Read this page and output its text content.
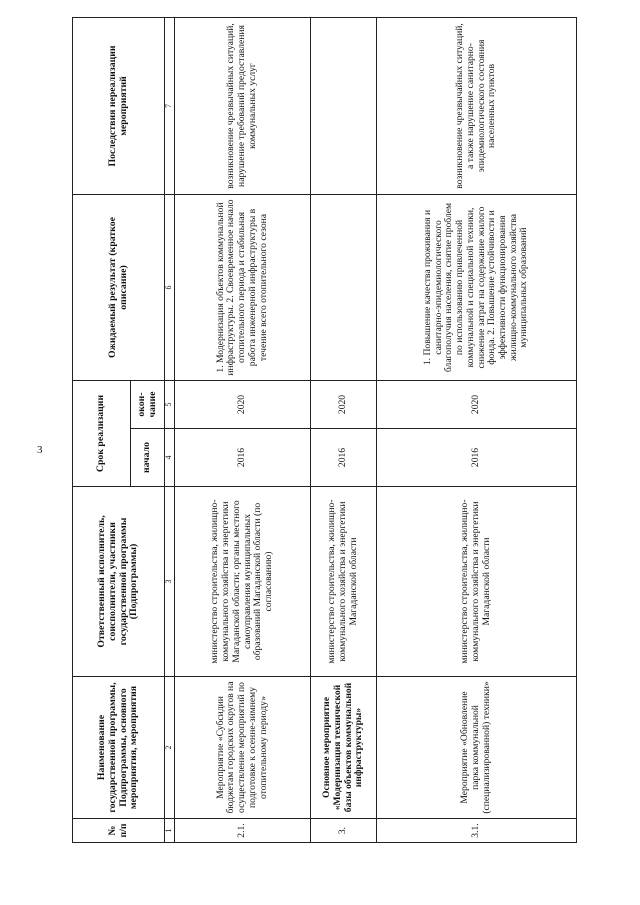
3
№ п/п	Наименование государственной программы, Подпрограммы, основного мероприятия, мероприятия	Ответственный исполнитель, соисполнители, участники государственной программы (Подпрограммы)	Срок реализации		Ожидаемый результат (краткое описание)	Последствия нереализации мероприятий
			начало	окон-чание		
1	2	3	4	5	6	7
2.1.	Мероприятие «Субсидии бюджетам городских округов на осуществление мероприятий по подготовке к осенне-зимнему отопительному периоду»	министерство строительства, жилищно-коммунального хозяйства и энергетики Магаданской области; органы местного самоуправления муниципальных образований Магаданской области (по согласованию)	2016	2020	1. Модернизация объектов коммунальной инфраструктуры. 2. Своевременное начало отопительного периода и стабильная работа инженерной инфраструктуры в течение всего отопительного сезона	возникновение чрезвычайных ситуаций, нарушение требований предоставления коммунальных услуг
3.	Основное мероприятие «Модернизация технической базы объектов коммунальной инфраструктуры»	министерство строительства, жилищно-коммунального хозяйства и энергетики Магаданской области	2016	2020		
3.1.	Мероприятие «Обновление парка коммунальной (специализированной) техники»	министерство строительства, жилищно-коммунального хозяйства и энергетики Магаданской области	2016	2020	1. Повышение качества проживания и санитарно-эпидемиологического благополучия населения, снятие проблем по использованию привлеченной коммунальной и специальной техники, снижение затрат на содержание жилого фонда. 2. Повышение устойчивости и эффективности функционирования жилищно-коммунального хозяйства муниципальных образований	возникновение чрезвычайных ситуаций, а также нарушение санитарно-эпидемиологического состояния населенных пунктов
